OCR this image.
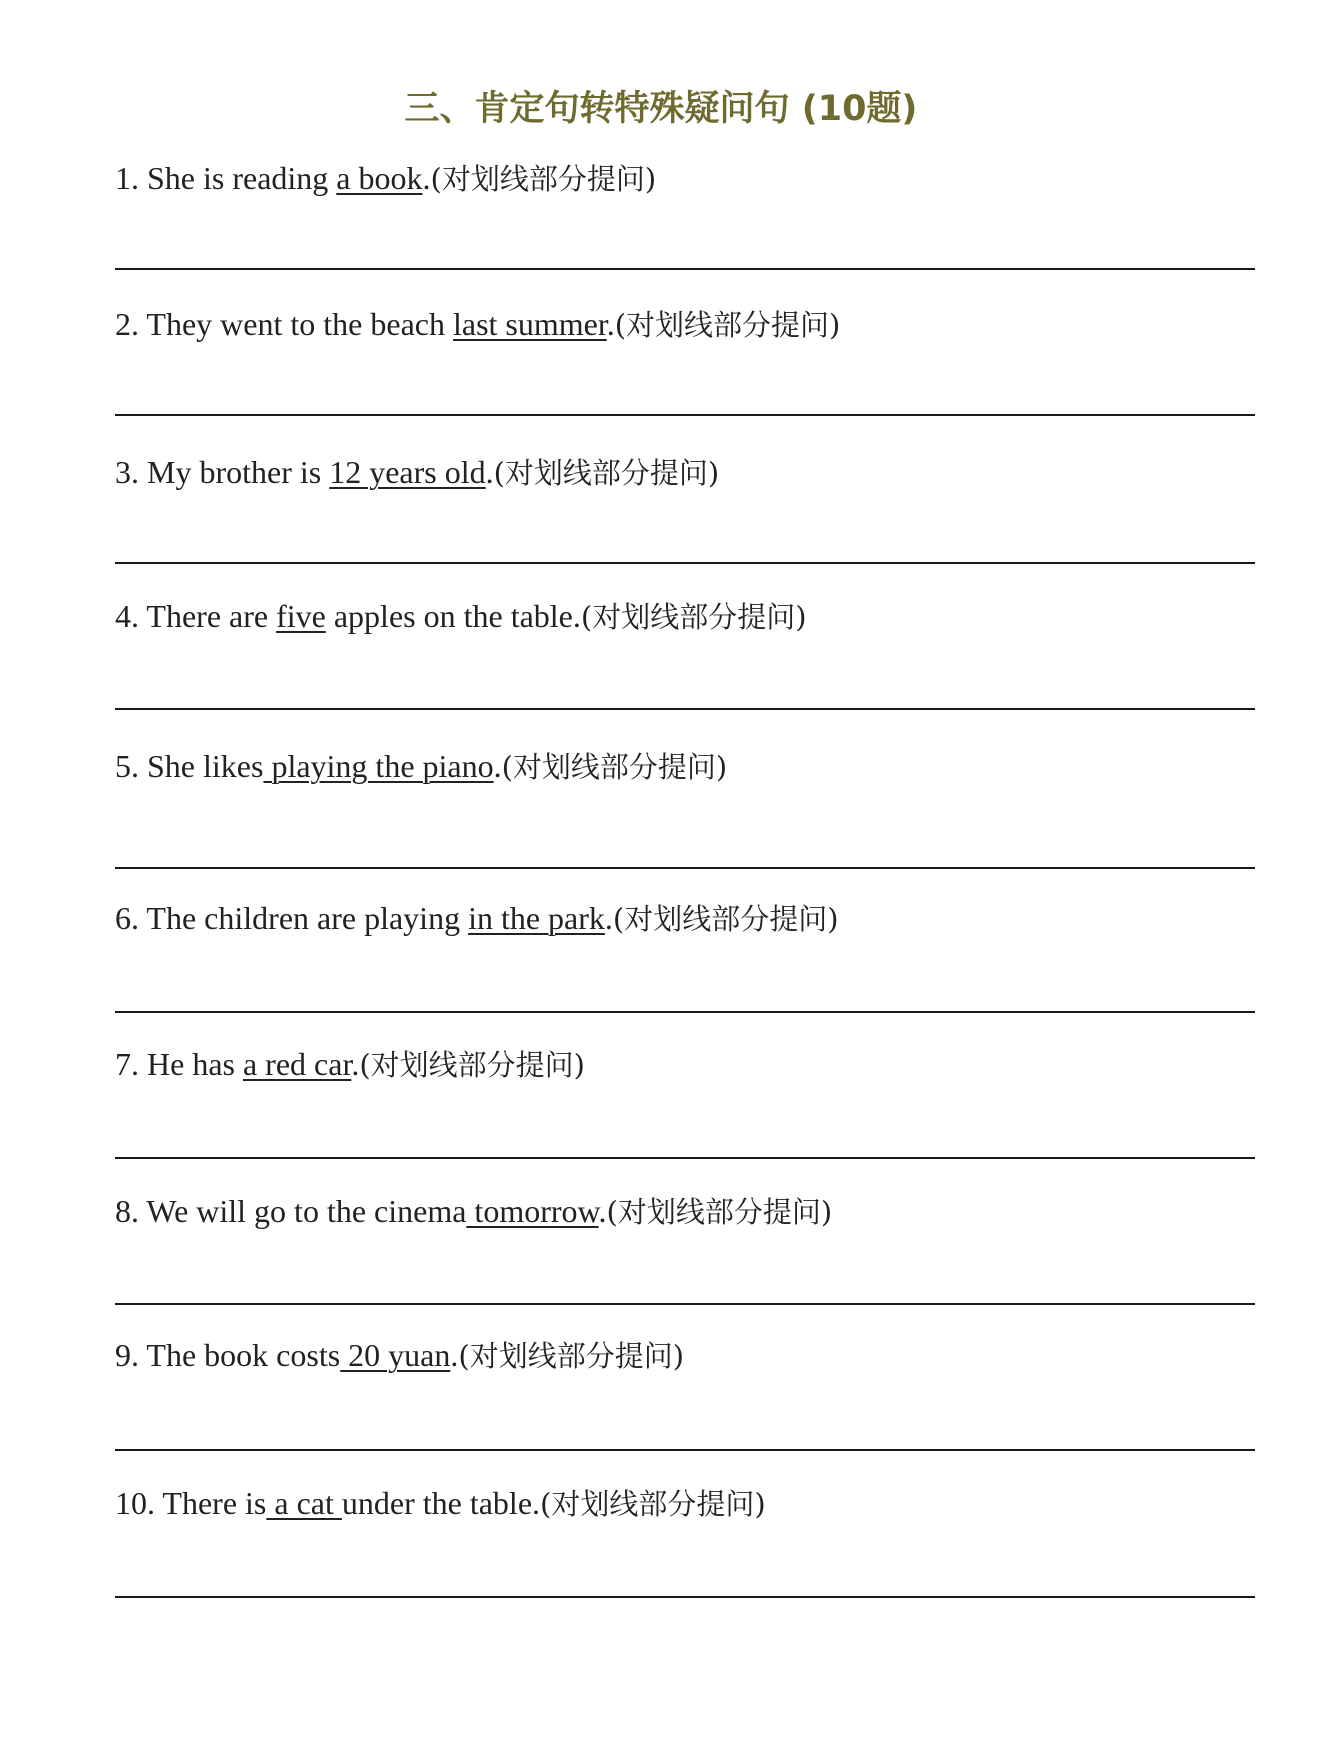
三、肯定句转特殊疑问句 (10题)
1. She is reading a book.(对划线部分提问)
2. They went to the beach last summer.(对划线部分提问)
3. My brother is 12 years old.(对划线部分提问)
4. There are five apples on the table.(对划线部分提问)
5. She likes playing the piano.(对划线部分提问)
6. The children are playing in the park.(对划线部分提问)
7. He has a red car.(对划线部分提问)
8. We will go to the cinema tomorrow.(对划线部分提问)
9. The book costs 20 yuan.(对划线部分提问)
10. There is a cat under the table.(对划线部分提问)
